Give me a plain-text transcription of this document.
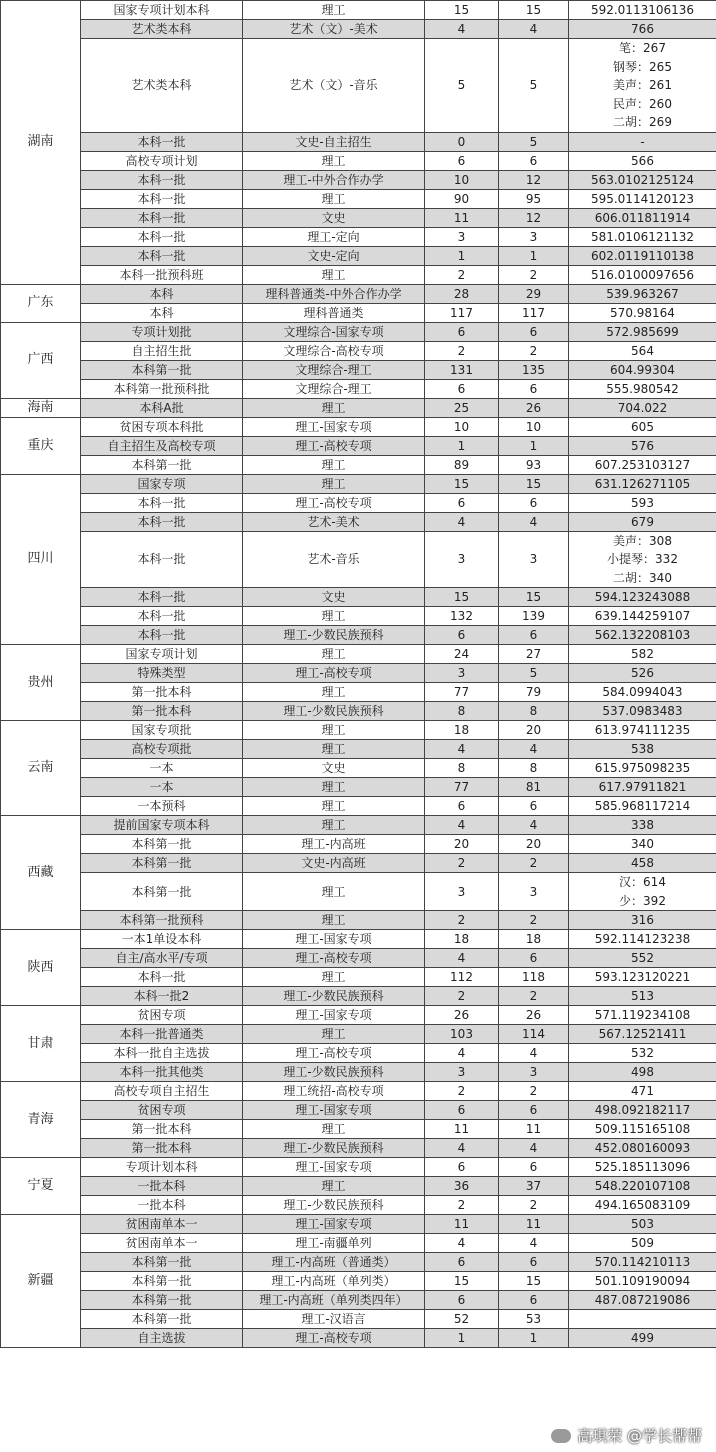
湖南	国家专项计划本科	理工	15	15	592.0113106136
	艺术类本科	艺术（文）-美术	4	4	766
	艺术类本科	艺术（文）-音乐	5	5	笔：267
钢琴：265
美声：261
民声：260
二胡：269

	本科一批	文史-自主招生	0	5	-
	高校专项计划	理工	6	6	566
	本科一批	理工-中外合作办学	10	12	563.0102125124
	本科一批	理工	90	95	595.0114120123
	本科一批	文史	11	12	606.011811914
	本科一批	理工-定向	3	3	581.0106121132
	本科一批	文史-定向	1	1	602.0119110138
	本科一批预科班	理工	2	2	516.0100097656
广东	本科	理科普通类-中外合作办学	28	29	539.963267
	本科	理科普通类	117	117	570.98164
广西	专项计划批	文理综合-国家专项	6	6	572.985699
	自主招生批	文理综合-高校专项	2	2	564
	本科第一批	文理综合-理工	131	135	604.99304
	本科第一批预科批	文理综合-理工	6	6	555.980542
海南	本科A批	理工	25	26	704.022
重庆	贫困专项本科批	理工-国家专项	10	10	605
	自主招生及高校专项	理工-高校专项	1	1	576
	本科第一批	理工	89	93	607.253103127
四川	国家专项	理工	15	15	631.126271105
	本科一批	理工-高校专项	6	6	593
	本科一批	艺术-美术	4	4	679
	本科一批	艺术-音乐	3	3	美声：308
小提琴：332
二胡：340

	本科一批	文史	15	15	594.123243088
	本科一批	理工	132	139	639.144259107
	本科一批	理工-少数民族预科	6	6	562.132208103
贵州	国家专项计划	理工	24	27	582
	特殊类型	理工-高校专项	3	5	526
	第一批本科	理工	77	79	584.0994043
	第一批本科	理工-少数民族预科	8	8	537.0983483
云南	国家专项批	理工	18	20	613.974111235
	高校专项批	理工	4	4	538
	一本	文史	8	8	615.975098235
	一本	理工	77	81	617.97911821
	一本预科	理工	6	6	585.968117214
西藏	提前国家专项本科	理工	4	4	338
	本科第一批	理工-内高班	20	20	340
	本科第一批	文史-内高班	2	2	458
	本科第一批	理工	3	3	汉：614
少：392

	本科第一批预科	理工	2	2	316
陕西	一本1单设本科	理工-国家专项	18	18	592.114123238
	自主/高水平/专项	理工-高校专项	4	6	552
	本科一批	理工	112	118	593.123120221
	本科一批2	理工-少数民族预科	2	2	513
甘肃	贫困专项	理工-国家专项	26	26	571.119234108
	本科一批普通类	理工	103	114	567.12521411
	本科一批自主选拔	理工-高校专项	4	4	532
	本科一批其他类	理工-少数民族预科	3	3	498
青海	高校专项自主招生	理工统招-高校专项	2	2	471
	贫困专项	理工-国家专项	6	6	498.092182117
	第一批本科	理工	11	11	509.115165108
	第一批本科	理工-少数民族预科	4	4	452.080160093
宁夏	专项计划本科	理工-国家专项	6	6	525.185113096
	一批本科	理工	36	37	548.220107108
	一批本科	理工-少数民族预科	2	2	494.165083109
新疆	贫困南单本一	理工-国家专项	11	11	503
	贫困南单本一	理工-南疆单列	4	4	509
	本科第一批	理工-内高班（普通类）	6	6	570.114210113
	本科第一批	理工-内高班（单列类）	15	15	501.109190094
	本科第一批	理工-内高班（单列类四年）	6	6	487.087219086
	本科第一批	理工-汉语言	52	53	
	自主选拔	理工-高校专项	1	1	499
高琪荣 @学长帮帮
